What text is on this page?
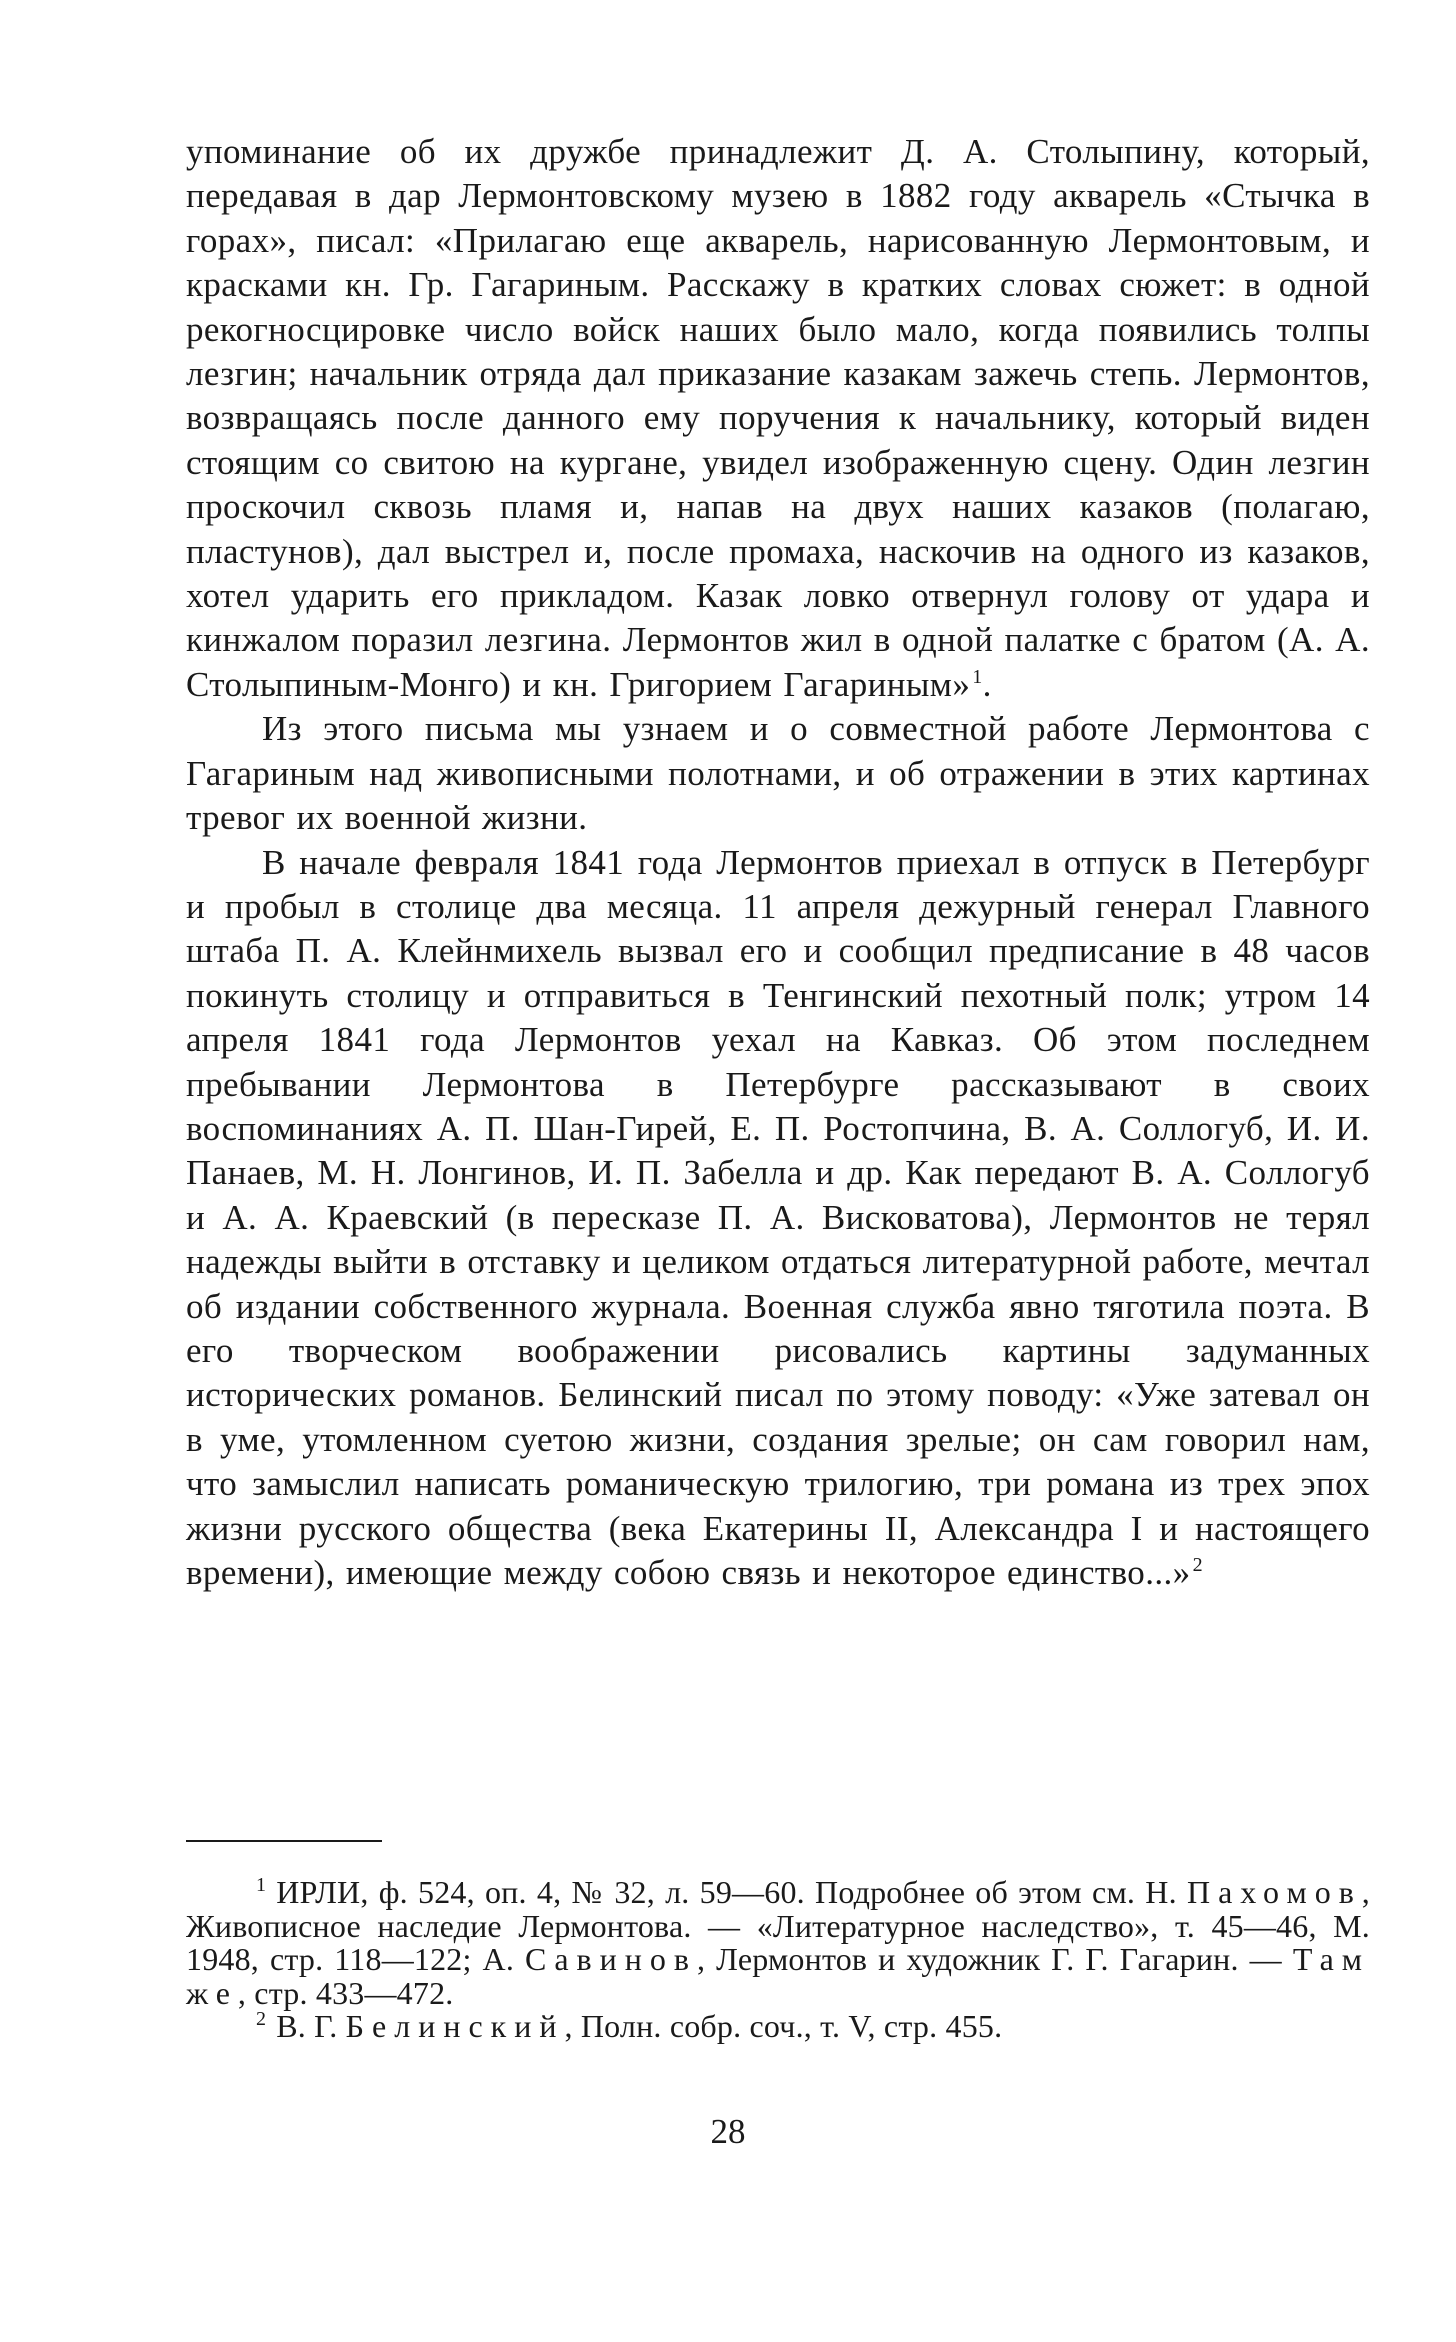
упоминание об их дружбе принадлежит Д. А. Столыпину, который, передавая в дар Лермонтовскому музею в 1882 году акварель «Стычка в горах», писал: «Прилагаю еще акварель, нарисованную Лермонтовым, и красками кн. Гр. Гагариным. Расскажу в кратких словах сюжет: в одной рекогносцировке число войск наших было мало, когда появились толпы лезгин; начальник отряда дал приказание казакам зажечь степь. Лермонтов, возвращаясь после данного ему поручения к начальнику, который виден стоящим со свитою на кургане, увидел изображенную сцену. Один лезгин проскочил сквозь пламя и, напав на двух наших казаков (полагаю, пластунов), дал выстрел и, после промаха, наскочив на одного из казаков, хотел ударить его прикладом. Казак ловко отвернул голову от удара и кинжалом поразил лезгина. Лермонтов жил в одной палатке с братом (А. А. Столыпиным-Монго) и кн. Григорием Гагариным» $^1$.

Из этого письма мы узнаем и о совместной работе Лермонтова с Гагариным над живописными полотнами, и об отражении в этих картинах тревог их военной жизни.

В начале февраля 1841 года Лермонтов приехал в отпуск в Петербург и пробыл в столице два месяца. 11 апреля дежурный генерал Главного штаба П. А. Клейнмихель вызвал его и сообщил предписание в 48 часов покинуть столицу и отправиться в Тенгинский пехотный полк; утром 14 апреля 1841 года Лермонтов уехал на Кавказ. Об этом последнем пребывании Лермонтова в Петербурге рассказывают в своих воспоминаниях А. П. Шан-Гирей, Е. П. Ростопчина, В. А. Соллогуб, И. И. Панаев, М. Н. Лонгинов, И. П. Забелла и др. Как передают В. А. Соллогуб и А. А. Краевский (в пересказе П. А. Висковатова), Лермонтов не терял надежды выйти в отставку и целиком отдаться литературной работе, мечтал об издании собственного журнала. Военная служба явно тяготила поэта. В его творческом воображении рисовались картины задуманных исторических романов. Белинский писал по этому поводу: «Уже затевал он в уме, утомленном суетою жизни, создания зрелые; он сам говорил нам, что замыслил написать романическую трилогию, три романа из трех эпох жизни русского общества (века Екатерины II, Александра I и настоящего времени), имеющие между собою связь и некоторое единство...» $^2$

$^1$ ИРЛИ, ф. 524, оп. 4, № 32, л. 59—60. Подробнее об этом см. Н. Пахомов, Живописное наследие Лермонтова. — «Литературное наследство», т. 45—46, М. 1948, стр. 118—122; А. Савинов, Лермонтов и художник Г. Г. Гагарин. — Там же, стр. 433—472.

$^2$ В. Г. Белинский, Полн. собр. соч., т. V, стр. 455.

28
